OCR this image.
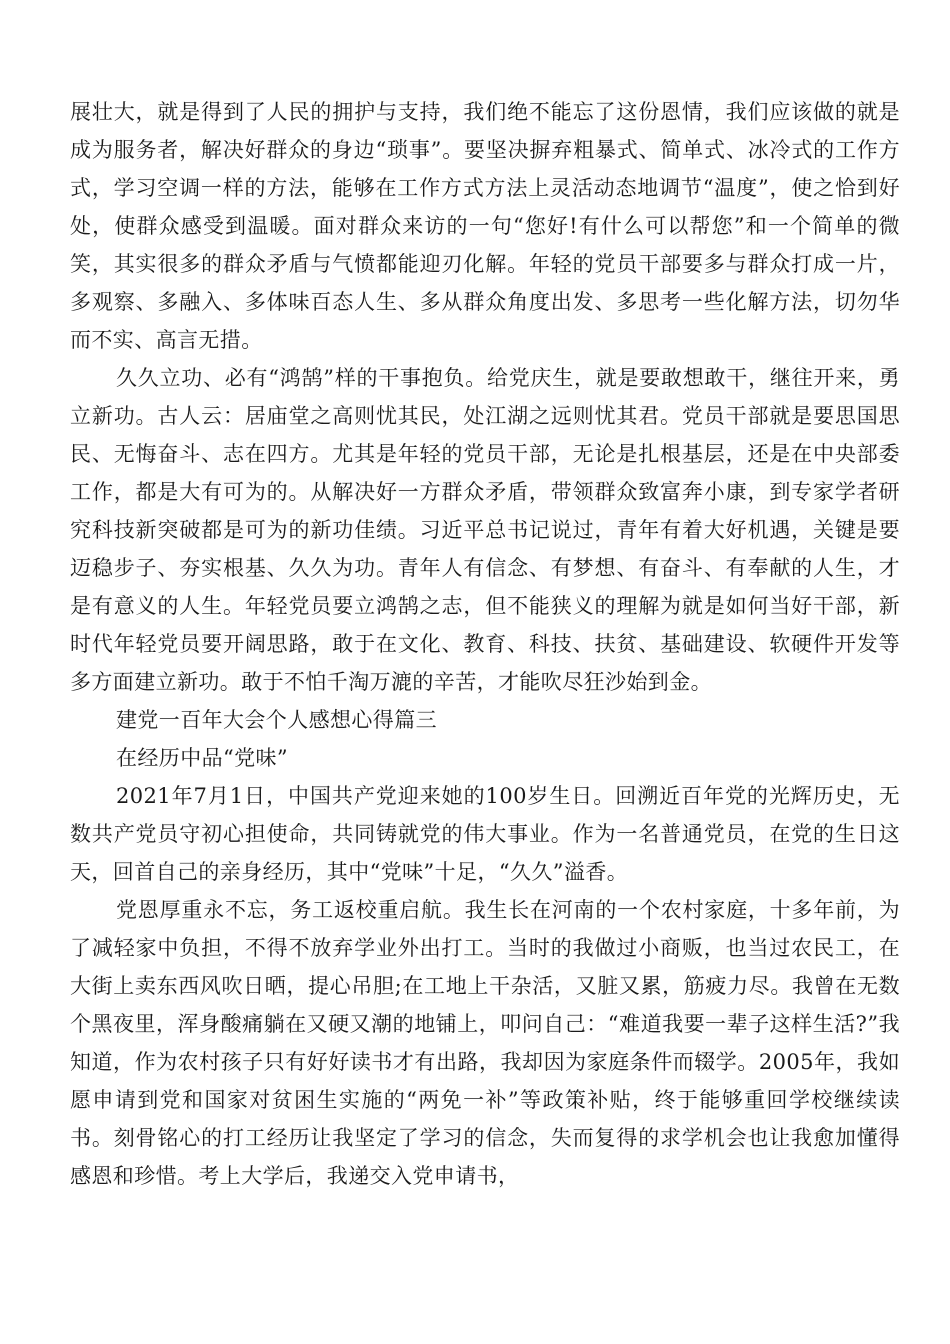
展壮大，就是得到了人民的拥护与支持，我们绝不能忘了这份恩情，我们应该做的就是成为服务者，解决好群众的身边“琐事”。要坚决摒弃粗暴式、简单式、冰冷式的工作方式，学习空调一样的方法，能够在工作方式方法上灵活动态地调节“温度”，使之恰到好处，使群众感受到温暖。面对群众来访的一句“您好!有什么可以帮您”和一个简单的微笑，其实很多的群众矛盾与气愤都能迎刃化解。年轻的党员干部要多与群众打成一片，多观察、多融入、多体味百态人生、多从群众角度出发、多思考一些化解方法，切勿华而不实、高言无措。

久久立功、必有“鸿鹄”样的干事抱负。给党庆生，就是要敢想敢干，继往开来，勇立新功。古人云：居庙堂之高则忧其民，处江湖之远则忧其君。党员干部就是要思国思民、无悔奋斗、志在四方。尤其是年轻的党员干部，无论是扎根基层，还是在中央部委工作，都是大有可为的。从解决好一方群众矛盾，带领群众致富奔小康，到专家学者研究科技新突破都是可为的新功佳绩。习近平总书记说过，青年有着大好机遇，关键是要迈稳步子、夯实根基、久久为功。青年人有信念、有梦想、有奋斗、有奉献的人生，才是有意义的人生。年轻党员要立鸿鹄之志，但不能狭义的理解为就是如何当好干部，新时代年轻党员要开阔思路，敢于在文化、教育、科技、扶贫、基础建设、软硬件开发等多方面建立新功。敢于不怕千淘万漉的辛苦，才能吹尽狂沙始到金。

建党一百年大会个人感想心得篇三

在经历中品“党味”

2021年7月1日，中国共产党迎来她的100岁生日。回溯近百年党的光辉历史，无数共产党员守初心担使命，共同铸就党的伟大事业。作为一名普通党员，在党的生日这天，回首自己的亲身经历，其中“党味”十足，“久久”溢香。

党恩厚重永不忘，务工返校重启航。我生长在河南的一个农村家庭，十多年前，为了减轻家中负担，不得不放弃学业外出打工。当时的我做过小商贩，也当过农民工，在大街上卖东西风吹日晒，提心吊胆;在工地上干杂活，又脏又累，筋疲力尽。我曾在无数个黑夜里，浑身酸痛躺在又硬又潮的地铺上，叩问自己：“难道我要一辈子这样生活?”我知道，作为农村孩子只有好好读书才有出路，我却因为家庭条件而辍学。2005年，我如愿申请到党和国家对贫困生实施的“两免一补”等政策补贴，终于能够重回学校继续读书。刻骨铭心的打工经历让我坚定了学习的信念，失而复得的求学机会也让我愈加懂得感恩和珍惜。考上大学后，我递交入党申请书，
